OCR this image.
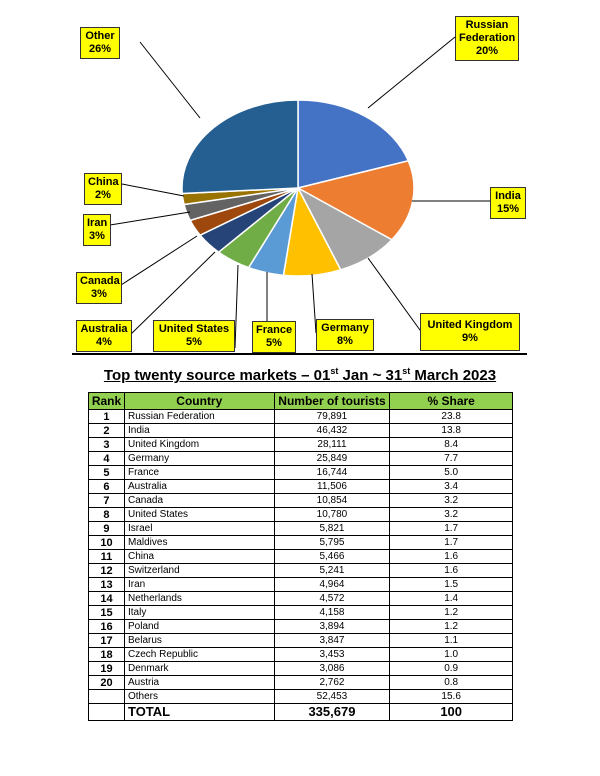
Russian
Federation
20%
India
15%
United Kingdom
9%
Germany
8%
France
5%
United States
5%
Australia
4%
Canada
3%
Iran
3%
China
2%
Other
26%
Top twenty source markets – 01st Jan ~ 31st March 2023
Rank	Country	Number of tourists	% Share
1	Russian Federation	79,891	23.8
2	India	46,432	13.8
3	United Kingdom	28,111	8.4
4	Germany	25,849	7.7
5	France	16,744	5.0
6	Australia	11,506	3.4
7	Canada	10,854	3.2
8	United States	10,780	3.2
9	Israel	5,821	1.7
10	Maldives	5,795	1.7
11	China	5,466	1.6
12	Switzerland	5,241	1.6
13	Iran	4,964	1.5
14	Netherlands	4,572	1.4
15	Italy	4,158	1.2
16	Poland	3,894	1.2
17	Belarus	3,847	1.1
18	Czech Republic	3,453	1.0
19	Denmark	3,086	0.9
20	Austria	2,762	0.8
	Others	52,453	15.6
	TOTAL	335,679	100
